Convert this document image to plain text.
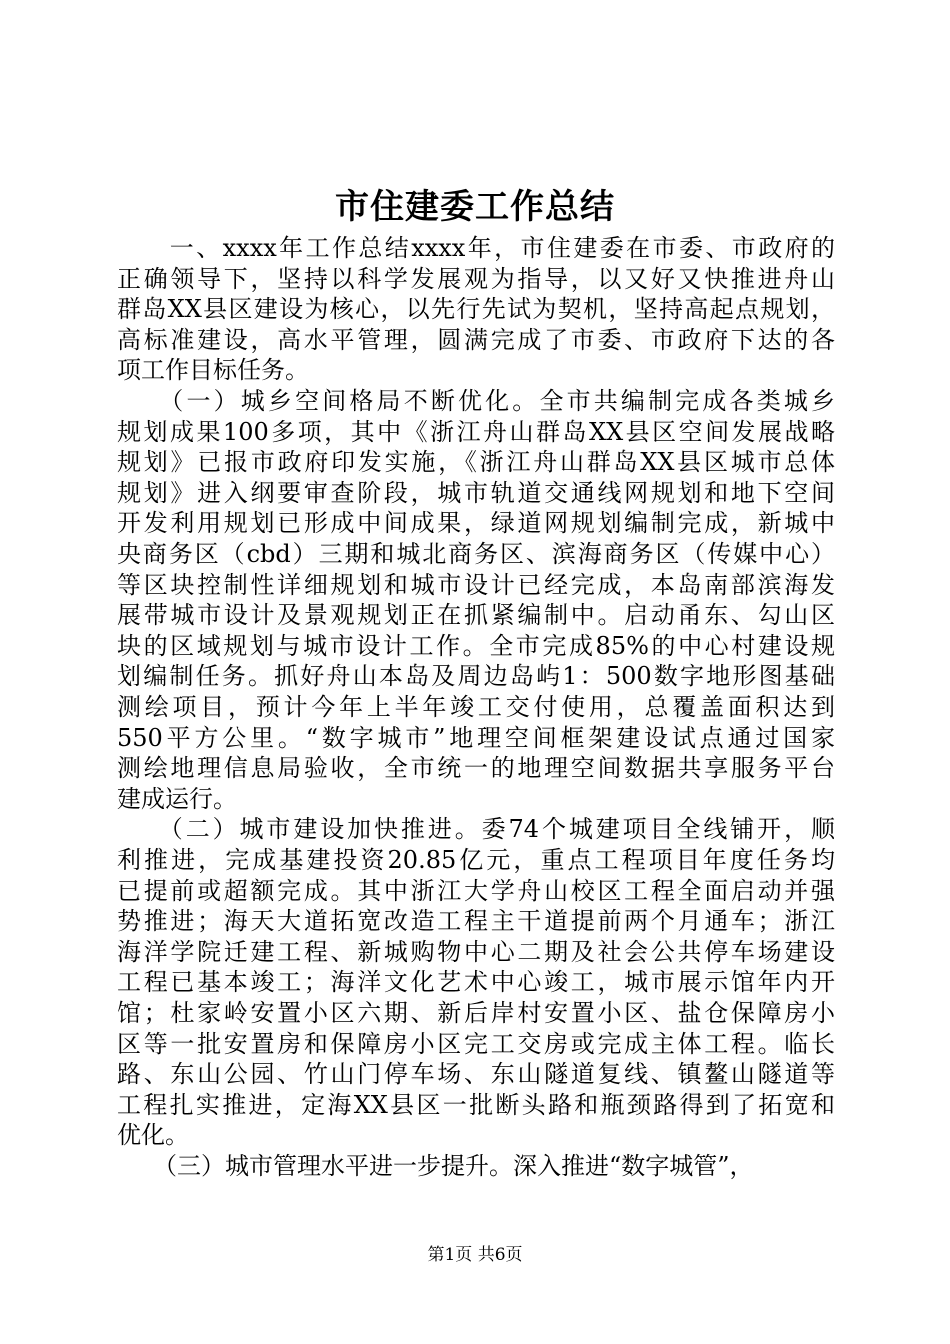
市住建委工作总结
　　一、xxxx年工作总结xxxx年，市住建委在市委、市政府的
正确领导下，坚持以科学发展观为指导，以又好又快推进舟山
群岛XX县区建设为核心，以先行先试为契机，坚持高起点规划，
高标准建设，高水平管理，圆满完成了市委、市政府下达的各
项工作目标任务。
　　（一）城乡空间格局不断优化。全市共编制完成各类城乡
规划成果100多项，其中《浙江舟山群岛XX县区空间发展战略
规划》已报市政府印发实施，《浙江舟山群岛XX县区城市总体
规划》进入纲要审查阶段，城市轨道交通线网规划和地下空间
开发利用规划已形成中间成果，绿道网规划编制完成，新城中
央商务区（cbd）三期和城北商务区、滨海商务区（传媒中心）
等区块控制性详细规划和城市设计已经完成，本岛南部滨海发
展带城市设计及景观规划正在抓紧编制中。启动甬东、勾山区
块的区域规划与城市设计工作。全市完成85%的中心村建设规
划编制任务。抓好舟山本岛及周边岛屿1：500数字地形图基础
测绘项目，预计今年上半年竣工交付使用，总覆盖面积达到
550平方公里。“数字城市”地理空间框架建设试点通过国家
测绘地理信息局验收，全市统一的地理空间数据共享服务平台
建成运行。
　　（二）城市建设加快推进。委74个城建项目全线铺开，顺
利推进，完成基建投资20.85亿元，重点工程项目年度任务均
已提前或超额完成。其中浙江大学舟山校区工程全面启动并强
势推进；海天大道拓宽改造工程主干道提前两个月通车；浙江
海洋学院迁建工程、新城购物中心二期及社会公共停车场建设
工程已基本竣工；海洋文化艺术中心竣工，城市展示馆年内开
馆；杜家岭安置小区六期、新后岸村安置小区、盐仓保障房小
区等一批安置房和保障房小区完工交房或完成主体工程。临长
路、东山公园、竹山门停车场、东山隧道复线、镇鳌山隧道等
工程扎实推进，定海XX县区一批断头路和瓶颈路得到了拓宽和
优化。
　　（三）城市管理水平进一步提升。深入推进“数字城管”，
第1页 共6页
